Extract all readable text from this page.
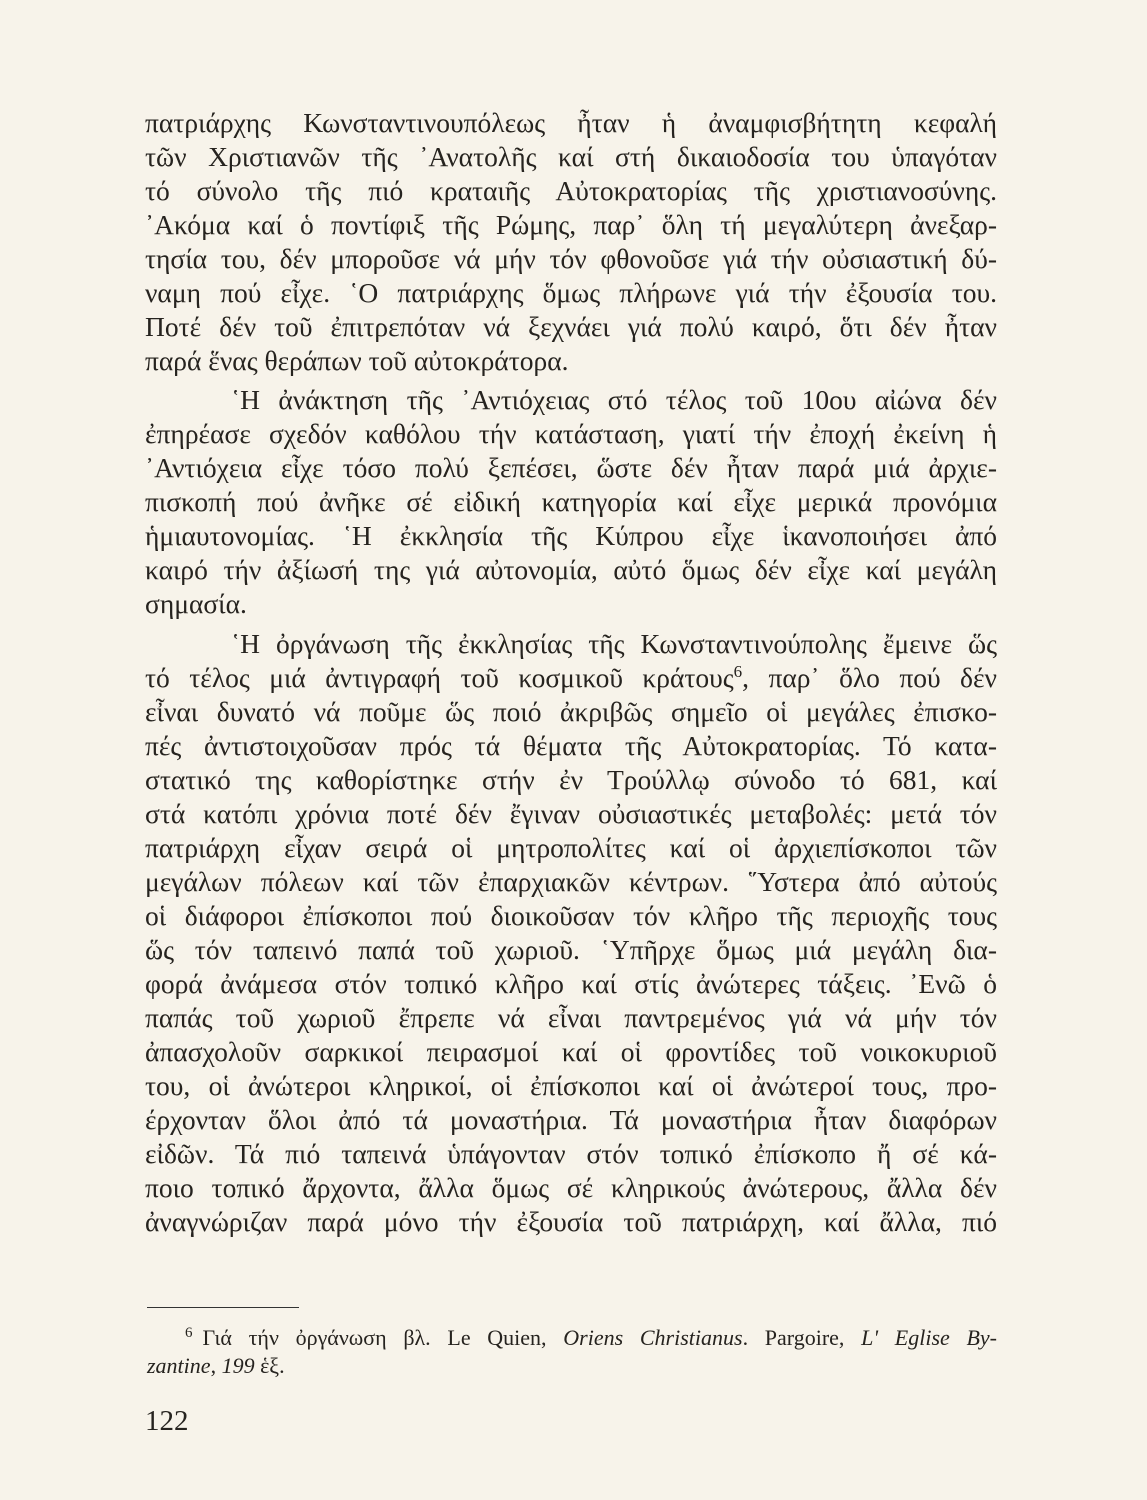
πατριάρχης Κωνσταντινουπόλεως ἦταν ἡ ἀναμφισβήτητη κεφαλή
τῶν Χριστιανῶν τῆς ᾿Ανατολῆς καί στή δικαιοδοσία του ὑπαγόταν
τό σύνολο τῆς πιό κραταιῆς Αὐτοκρατορίας τῆς χριστιανοσύνης.
᾿Ακόμα καί ὁ ποντίφιξ τῆς Ρώμης, παρ᾿ ὅλη τή μεγαλύτερη ἀνεξαρ-
τησία του, δέν μποροῦσε νά μήν τόν φθονοῦσε γιά τήν οὐσιαστική δύ-
ναμη πού εἶχε. ῾Ο πατριάρχης ὅμως πλήρωνε γιά τήν ἐξουσία του.
Ποτέ δέν τοῦ ἐπιτρεπόταν νά ξεχνάει γιά πολύ καιρό, ὅτι δέν ἦταν
παρά ἕνας θεράπων τοῦ αὐτοκράτορα.
῾Η ἀνάκτηση τῆς ᾿Αντιόχειας στό τέλος τοῦ 10ου αἰώνα δέν
ἐπηρέασε σχεδόν καθόλου τήν κατάσταση, γιατί τήν ἐποχή ἐκείνη ἡ
᾿Αντιόχεια εἶχε τόσο πολύ ξεπέσει, ὥστε δέν ἦταν παρά μιά ἀρχιε-
πισκοπή πού ἀνῆκε σέ εἰδική κατηγορία καί εἶχε μερικά προνόμια
ἡμιαυτονομίας. ῾Η ἐκκλησία τῆς Κύπρου εἶχε ἱκανοποιήσει ἀπό
καιρό τήν ἀξίωσή της γιά αὐτονομία, αὐτό ὅμως δέν εἶχε καί μεγάλη
σημασία.
῾Η ὀργάνωση τῆς ἐκκλησίας τῆς Κωνσταντινούπολης ἔμεινε ὥς
τό τέλος μιά ἀντιγραφή τοῦ κοσμικοῦ κράτους$^6$, παρ᾿ ὅλο πού δέν
εἶναι δυνατό νά ποῦμε ὥς ποιό ἀκριβῶς σημεῖο οἱ μεγάλες ἐπισκο-
πές ἀντιστοιχοῦσαν πρός τά θέματα τῆς Αὐτοκρατορίας. Τό κατα-
στατικό της καθορίστηκε στήν ἐν Τρούλλῳ σύνοδο τό 681, καί
στά κατόπι χρόνια ποτέ δέν ἔγιναν οὐσιαστικές μεταβολές: μετά τόν
πατριάρχη εἶχαν σειρά οἱ μητροπολίτες καί οἱ ἀρχιεπίσκοποι τῶν
μεγάλων πόλεων καί τῶν ἐπαρχιακῶν κέντρων. ῞Υστερα ἀπό αὐτούς
οἱ διάφοροι ἐπίσκοποι πού διοικοῦσαν τόν κλῆρο τῆς περιοχῆς τους
ὥς τόν ταπεινό παπά τοῦ χωριοῦ. ῾Υπῆρχε ὅμως μιά μεγάλη δια-
φορά ἀνάμεσα στόν τοπικό κλῆρο καί στίς ἀνώτερες τάξεις. ᾿Ενῶ ὁ
παπάς τοῦ χωριοῦ ἔπρεπε νά εἶναι παντρεμένος γιά νά μήν τόν
ἀπασχολοῦν σαρκικοί πειρασμοί καί οἱ φροντίδες τοῦ νοικοκυριοῦ
του, οἱ ἀνώτεροι κληρικοί, οἱ ἐπίσκοποι καί οἱ ἀνώτεροί τους, προ-
έρχονταν ὅλοι ἀπό τά μοναστήρια. Τά μοναστήρια ἦταν διαφόρων
εἰδῶν. Τά πιό ταπεινά ὑπάγονταν στόν τοπικό ἐπίσκοπο ἤ σέ κά-
ποιο τοπικό ἄρχοντα, ἄλλα ὅμως σέ κληρικούς ἀνώτερους, ἄλλα δέν
ἀναγνώριζαν παρά μόνο τήν ἐξουσία τοῦ πατριάρχη, καί ἄλλα, πιό
$^6$ Γιά τήν ὀργάνωση βλ. Le Quien, Oriens Christianus. Pargoire, L' Eglise By-
zantine, 199 ἑξ.
122
